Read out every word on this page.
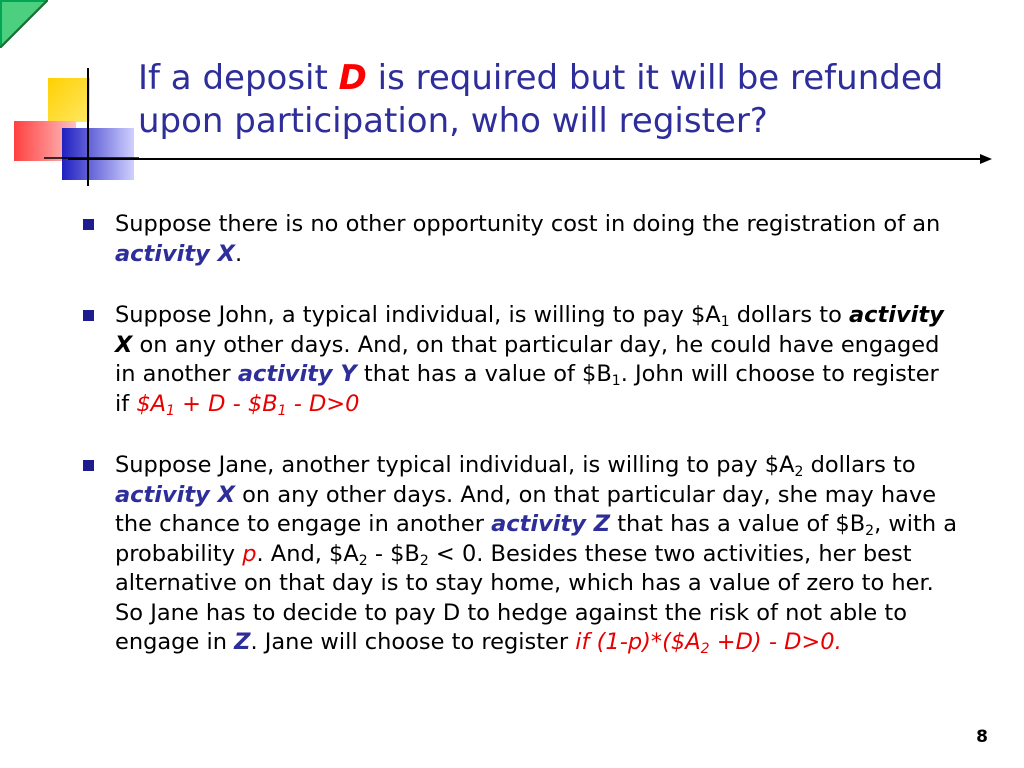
If a deposit D is required but it will be refunded upon participation, who will register?
Suppose there is no other opportunity cost in doing the registration of an activity X.
Suppose John, a typical individual, is willing to pay $\$A_1$ dollars to activity X on any other days. And, on that particular day, he could have engaged in another activity Y that has a value of $\$B_1$. John will choose to register if $\$A_1 + D$ - $\$B_1 - D>0$
Suppose Jane, another typical individual, is willing to pay $\$A_2$ dollars to activity X on any other days. And, on that particular day, she may have the chance to engage in another activity Z that has a value of $\$B_2$, with a probability p. And, $\$A_2$ - $\$B_2 < 0$. Besides these two activities, her best alternative on that day is to stay home, which has a value of zero to her. So Jane has to decide to pay D to hedge against the risk of not able to engage in Z. Jane will choose to register if $(1-p)*(\$A_2 +D) - D>0$.
8
